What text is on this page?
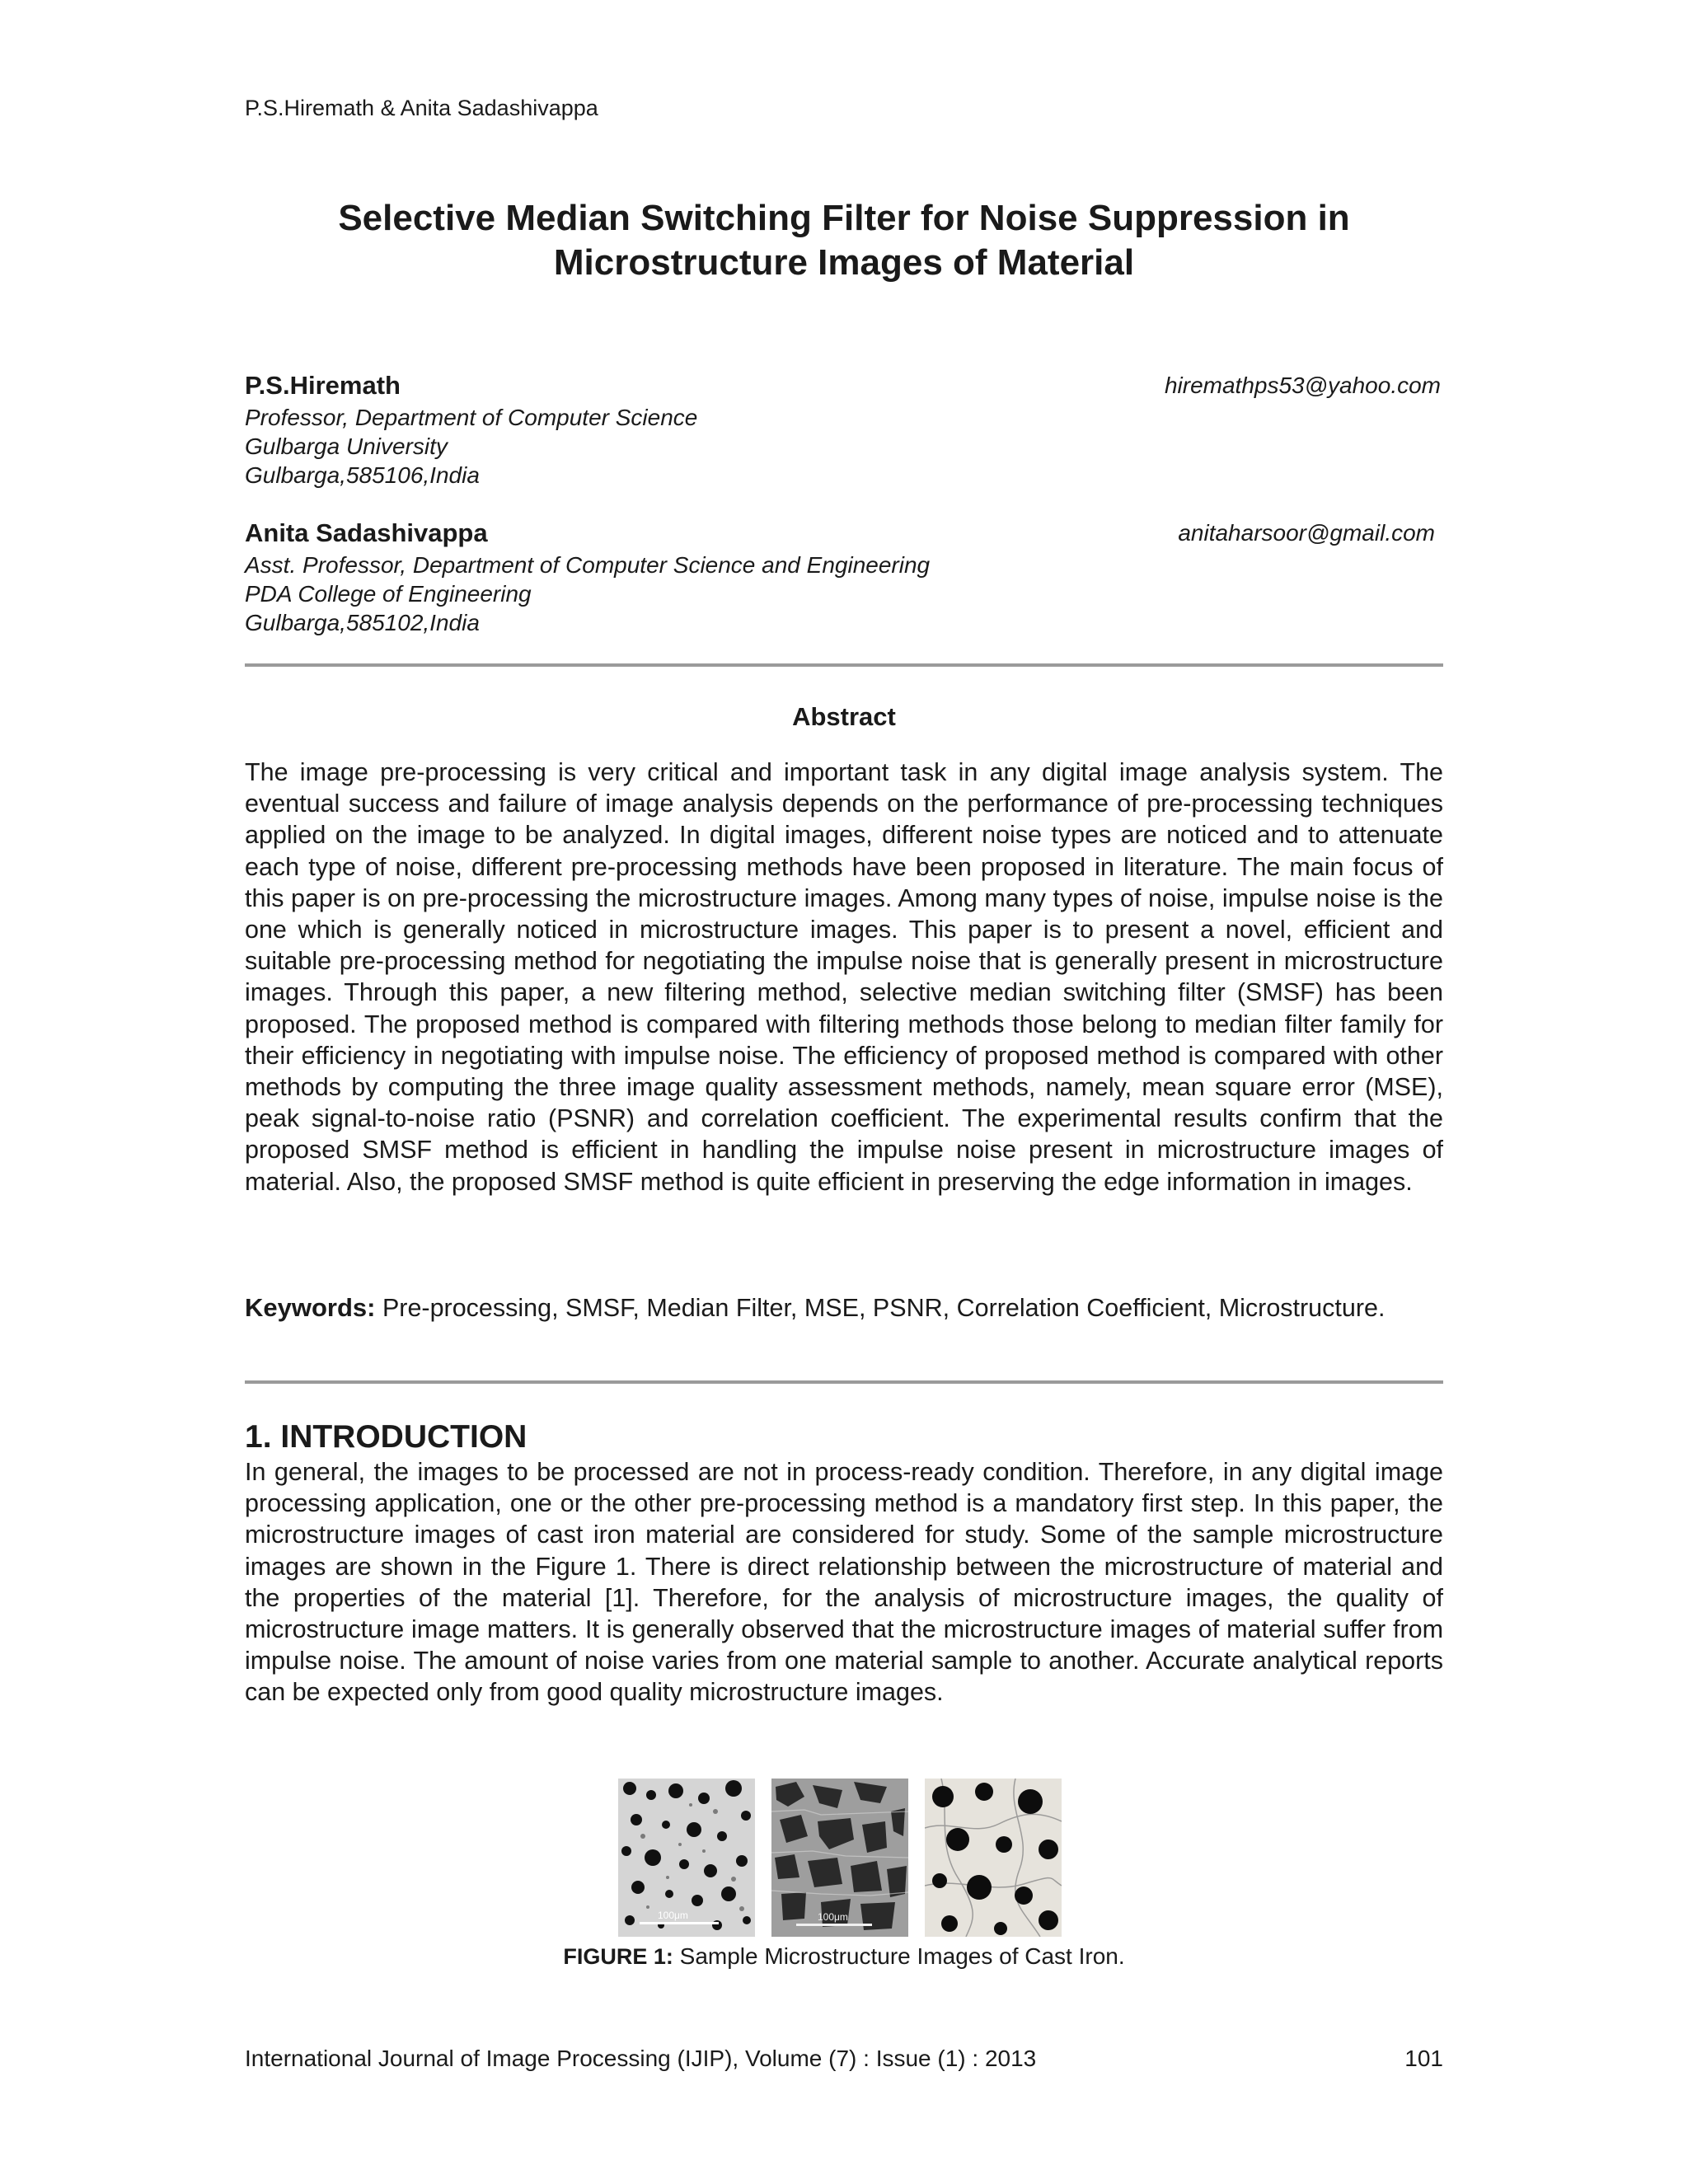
P.S.Hiremath & Anita Sadashivappa
Selective Median Switching Filter for Noise Suppression in
Microstructure Images of Material
P.S.Hiremath	hiremathps53@yahoo.com
Professor, Department of Computer Science
Gulbarga University
Gulbarga,585106,India
Anita Sadashivappa	anitaharsoor@gmail.com
Asst. Professor, Department of Computer Science and Engineering
PDA College of Engineering
Gulbarga,585102,India
Abstract
The image pre-processing is very critical and important task in any digital image analysis system. The eventual success and failure of image analysis depends on the performance of pre-processing techniques applied on the image to be analyzed. In digital images, different noise types are noticed and to attenuate each type of noise, different pre-processing methods have been proposed in literature. The main focus of this paper is on pre-processing the microstructure images. Among many types of noise, impulse noise is the one which is generally noticed in microstructure images. This paper is to present a novel, efficient and suitable pre-processing method for negotiating the impulse noise that is generally present in microstructure images. Through this paper, a new filtering method, selective median switching filter (SMSF) has been proposed. The proposed method is compared with filtering methods those belong to median filter family for their efficiency in negotiating with impulse noise. The efficiency of proposed method is compared with other methods by computing the three image quality assessment methods, namely, mean square error (MSE), peak signal-to-noise ratio (PSNR) and correlation coefficient. The experimental results confirm that the proposed SMSF method is efficient in handling the impulse noise present in microstructure images of material. Also, the proposed SMSF method is quite efficient in preserving the edge information in images.
Keywords: Pre-processing, SMSF, Median Filter, MSE, PSNR, Correlation Coefficient, Microstructure.
1. INTRODUCTION
In general, the images to be processed are not in process-ready condition. Therefore, in any digital image processing application, one or the other pre-processing method is a mandatory first step. In this paper, the microstructure images of cast iron material are considered for study. Some of the sample microstructure images are shown in the Figure 1. There is direct relationship between the microstructure of material and the properties of the material [1]. Therefore, for the analysis of microstructure images, the quality of microstructure image matters. It is generally observed that the microstructure images of material suffer from impulse noise. The amount of noise varies from one material sample to another. Accurate analytical reports can be expected only from good quality microstructure images.
100μm	100μm
FIGURE 1: Sample Microstructure Images of Cast Iron.
International Journal of Image Processing (IJIP), Volume (7) : Issue (1) : 2013	101
